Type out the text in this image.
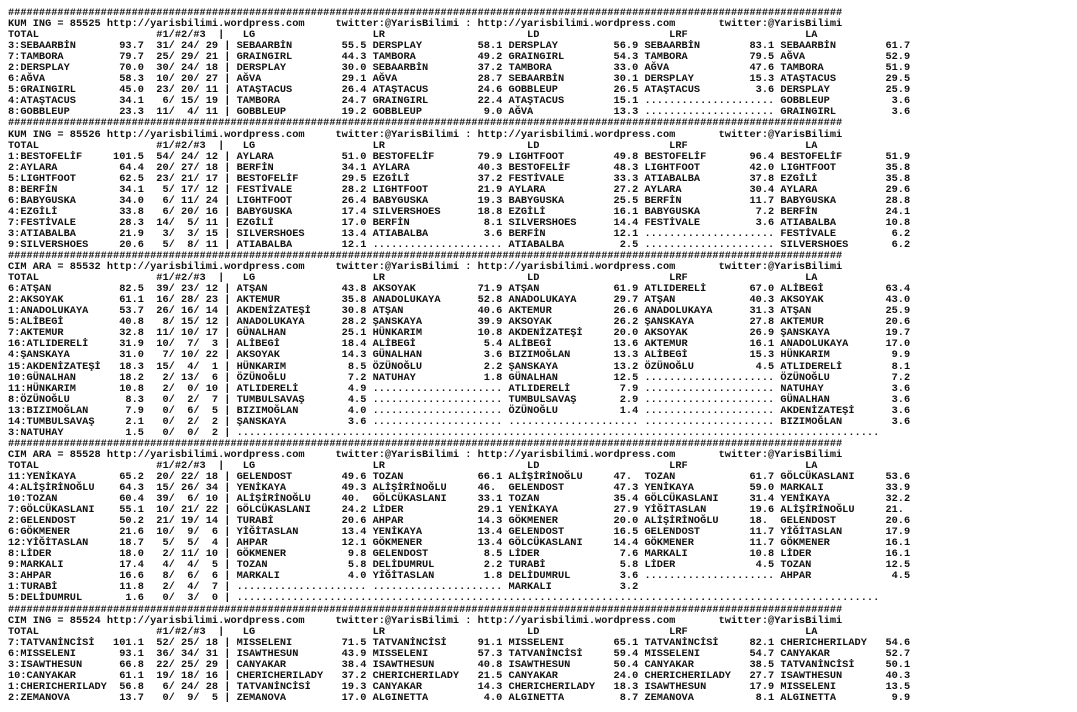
#######################################################################################################################################
KUM ING = 85525 http://yarisbilimi.wordpress.com     twitter:@YarisBilimi : http://yarisbilimi.wordpress.com       twitter:@YarisBilimi
TOTAL                   #1/#2/#3  |   LG                   LR                       LD                     LRF                   LA
3:SEBAARBİN       93.7  31/ 24/ 29 | SEBAARBİN        55.5 DERSPLAY         58.1 DERSPLAY         56.9 SEBAARBİN        83.1 SEBAARBİN        61.7
7:TAMBORA         79.7  25/ 29/ 21 | GRAINGIRL        44.3 TAMBORA          49.2 GRAINGIRL        54.3 TAMBORA          79.5 AĞVA             52.9
2:DERSPLAY        70.0  30/ 24/ 18 | DERSPLAY         30.0 SEBAARBİN        37.2 TAMBORA          33.0 AĞVA             47.6 TAMBORA          51.9
6:AĞVA            58.3  10/ 20/ 27 | AĞVA             29.1 AĞVA             28.7 SEBAARBİN        30.1 DERSPLAY         15.3 ATAŞTACUS        29.5
5:GRAINGIRL       45.0  23/ 20/ 11 | ATAŞTACUS        26.4 ATAŞTACUS        24.6 GOBBLEUP         26.5 ATAŞTACUS         3.6 DERSPLAY         25.9
4:ATAŞTACUS       34.1   6/ 15/ 19 | TAMBORA          24.7 GRAINGIRL        22.4 ATAŞTACUS        15.1 ..................... GOBBLEUP          3.6
8:GOBBLEUP        23.3  11/  4/ 11 | GOBBLEUP         19.2 GOBBLEUP          9.0 AĞVA             13.3 ..................... GRAINGIRL         3.6
#######################################################################################################################################
KUM ING = 85526 http://yarisbilimi.wordpress.com     twitter:@YarisBilimi : http://yarisbilimi.wordpress.com       twitter:@YarisBilimi
TOTAL                   #1/#2/#3  |   LG                   LR                       LD                     LRF                   LA
1:BESTOFELİF     101.5  54/ 24/ 12 | AYLARA           51.0 BESTOFELİF       79.9 LIGHTFOOT        49.8 BESTOFELİF       96.4 BESTOFELİF       51.9
2:AYLARA          64.4  20/ 27/ 18 | BERFİN           34.1 AYLARA           40.3 BESTOFELİF       48.3 LIGHTFOOT        42.0 LIGHTFOOT        35.8
5:LIGHTFOOT       62.5  23/ 21/ 17 | BESTOFELİF       29.5 EZGİLİ           37.2 FESTİVALE        33.3 ATIABALBA        37.8 EZGİLİ           35.8
8:BERFİN          34.1   5/ 17/ 12 | FESTİVALE        28.2 LIGHTFOOT        21.9 AYLARA           27.2 AYLARA           30.4 AYLARA           29.6
6:BABYGUSKA       34.0   6/ 11/ 24 | LIGHTFOOT        26.4 BABYGUSKA        19.3 BABYGUSKA        25.5 BERFİN           11.7 BABYGUSKA        28.8
4:EZGİLİ          33.8   6/ 20/ 16 | BABYGUSKA        17.4 SILVERSHOES      18.8 EZGİLİ           16.1 BABYGUSKA         7.2 BERFİN           24.1
7:FESTİVALE       28.3  14/  5/ 11 | EZGİLİ           17.0 BERFİN            8.1 SILVERSHOES      14.4 FESTİVALE         3.6 ATIABALBA        10.8
3:ATIABALBA       21.9   3/  3/ 15 | SILVERSHOES      13.4 ATIABALBA         3.6 BERFİN           12.1 ..................... FESTİVALE         6.2
9:SILVERSHOES     20.6   5/  8/ 11 | ATIABALBA        12.1 ..................... ATIABALBA         2.5 ..................... SILVERSHOES       6.2
#######################################################################################################################################
CIM ARA = 85532 http://yarisbilimi.wordpress.com     twitter:@YarisBilimi : http://yarisbilimi.wordpress.com       twitter:@YarisBilimi
TOTAL                   #1/#2/#3  |   LG                   LR                       LD                     LRF                   LA
6:ATŞAN           82.5  39/ 23/ 12 | ATŞAN            43.8 AKSOYAK          71.9 ATŞAN            61.9 ATLIDERELİ       67.0 ALİBEGİ          63.4
2:AKSOYAK         61.1  16/ 28/ 23 | AKTEMUR          35.8 ANADOLUKAYA      52.8 ANADOLUKAYA      29.7 ATŞAN            40.3 AKSOYAK          43.0
1:ANADOLUKAYA     53.7  26/ 16/ 14 | AKDENİZATEŞİ     30.8 ATŞAN            40.6 AKTEMUR          26.6 ANADOLUKAYA      31.3 ATŞAN            25.9
5:ALİBEGİ         40.8   8/ 15/ 12 | ANADOLUKAYA      28.2 ŞANSKAYA         39.9 AKSOYAK          26.2 ŞANSKAYA         27.8 AKTEMUR          20.6
7:AKTEMUR         32.8  11/ 10/ 17 | GÜNALHAN         25.1 HÜNKARIM         10.8 AKDENİZATEŞİ     20.0 AKSOYAK          26.9 ŞANSKAYA         19.7
16:ATLIDERELİ     31.9  10/  7/  3 | ALİBEGİ          18.4 ALİBEGİ           5.4 ALİBEGİ          13.6 AKTEMUR          16.1 ANADOLUKAYA      17.0
4:ŞANSKAYA        31.0   7/ 10/ 22 | AKSOYAK          14.3 GÜNALHAN          3.6 BIZIMOĞLAN       13.3 ALİBEGİ          15.3 HÜNKARIM          9.9
15:AKDENİZATEŞİ   18.3  15/  4/  1 | HÜNKARIM          8.5 ÖZÜNOĞLU          2.2 ŞANSKAYA         13.2 ÖZÜNOĞLU          4.5 ATLIDERELİ        8.1
10:GÜNALHAN       18.2   2/ 13/  6 | ÖZÜNOĞLU          7.2 NATUHAY           1.8 GÜNALHAN         12.5 ..................... ÖZÜNOĞLU          7.2
11:HÜNKARIM       10.8   2/  0/ 10 | ATLIDERELİ        4.9 ..................... ATLIDERELİ        7.9 ..................... NATUHAY           3.6
8:ÖZÜNOĞLU         8.3   0/  2/  7 | TUMBULSAVAŞ       4.5 ..................... TUMBULSAVAŞ       2.9 ..................... GÜNALHAN          3.6
13:BIZIMOĞLAN      7.9   0/  6/  5 | BIZIMOĞLAN        4.0 ..................... ÖZÜNOĞLU          1.4 ..................... AKDENİZATEŞİ      3.6
14:TUMBULSAVAŞ     2.1   0/  2/  2 | ŞANSKAYA          3.6 ..................... ..................... ..................... BIZIMOĞLAN        3.6
3:NATUHAY          1.5   0/  0/  2 | ........................................................................................................
#######################################################################################################################################
CIM ARA = 85528 http://yarisbilimi.wordpress.com     twitter:@YarisBilimi : http://yarisbilimi.wordpress.com       twitter:@YarisBilimi
TOTAL                   #1/#2/#3  |   LG                   LR                       LD                     LRF                   LA
11:YENİKAYA       65.2  20/ 22/ 18 | GELENDOST        49.6 TOZAN            66.1 ALİŞİRİNOĞLU     47.  TOZAN            61.7 GÖLCÜKASLANI     53.6
4:ALİŞİRİNOĞLU    64.3  15/ 26/ 34 | YENİKAYA         49.3 ALİŞİRİNOĞLU     46.  GELENDOST        47.3 YENİKAYA         59.0 MARKALI          33.9
10:TOZAN          60.4  39/  6/ 10 | ALİŞİRİNOĞLU     40.  GÖLCÜKASLANI     33.1 TOZAN            35.4 GÖLCÜKASLANI     31.4 YENİKAYA         32.2
7:GÖLCÜKASLANI    55.1  10/ 21/ 22 | GÖLCÜKASLANI     24.2 LİDER            29.1 YENİKAYA         27.9 YİĞİTASLAN       19.6 ALİŞİRİNOĞLU     21.
2:GELENDOST       50.2  21/ 19/ 14 | TURABİ           20.6 AHPAR            14.3 GÖKMENER         20.0 ALİŞİRİNOĞLU     18.  GELENDOST        20.6
6:GÖKMENER        21.6  10/  9/  6 | YİĞİTASLAN       13.4 YENİKAYA         13.4 GELENDOST        16.5 GELENDOST        11.7 YİĞİTASLAN       17.9
12:YİĞİTASLAN     18.7   5/  5/  4 | AHPAR            12.1 GÖKMENER         13.4 GÖLCÜKASLANI     14.4 GÖKMENER         11.7 GÖKMENER         16.1
8:LİDER           18.0   2/ 11/ 10 | GÖKMENER          9.8 GELENDOST         8.5 LİDER             7.6 MARKALI          10.8 LİDER            16.1
9:MARKALI         17.4   4/  4/  5 | TOZAN             5.8 DELİDUMRUL        2.2 TURABİ            5.8 LİDER             4.5 TOZAN            12.5
3:AHPAR           16.6   8/  6/  6 | MARKALI           4.0 YİĞİTASLAN        1.8 DELİDUMRUL        3.6 ..................... AHPAR             4.5
1:TURABİ          11.8   2/  4/  7 | ..................... ..................... MARKALI           3.2
5:DELİDUMRUL       1.6   0/  3/  0 | ........................................................................................................
#######################################################################################################################################
CIM ING = 85524 http://yarisbilimi.wordpress.com     twitter:@YarisBilimi : http://yarisbilimi.wordpress.com       twitter:@YarisBilimi
TOTAL                   #1/#2/#3  |   LG                   LR                       LD                     LRF                   LA
7:TATVANİNCİSİ   101.1  52/ 25/ 18 | MISSELENI        71.5 TATVANİNCİSİ     91.1 MISSELENI        65.1 TATVANİNCİSİ     82.1 CHERICHERILADY   54.6
6:MISSELENI       93.1  36/ 34/ 31 | ISAWTHESUN       43.9 MISSELENI        57.3 TATVANİNCİSİ     59.4 MISSELENI        54.7 CANYAKAR         52.7
3:ISAWTHESUN      66.8  22/ 25/ 29 | CANYAKAR         38.4 ISAWTHESUN       40.8 ISAWTHESUN       50.4 CANYAKAR         38.5 TATVANİNCİSİ     50.1
10:CANYAKAR       61.1  19/ 18/ 16 | CHERICHERILADY   37.2 CHERICHERILADY   21.5 CANYAKAR         24.0 CHERICHERILADY   27.7 ISAWTHESUN       40.3
1:CHERICHERILADY  56.8   6/ 24/ 28 | TATVANİNCİSİ     19.3 CANYAKAR         14.3 CHERICHERILADY   18.3 ISAWTHESUN       17.9 MISSELENI        13.5
2:ZEMANOVA        13.7   0/  9/  5 | ZEMANOVA         17.0 ALGINETTA         4.0 ALGINETTA         8.7 ZEMANOVA          8.1 ALGINETTA         9.9
